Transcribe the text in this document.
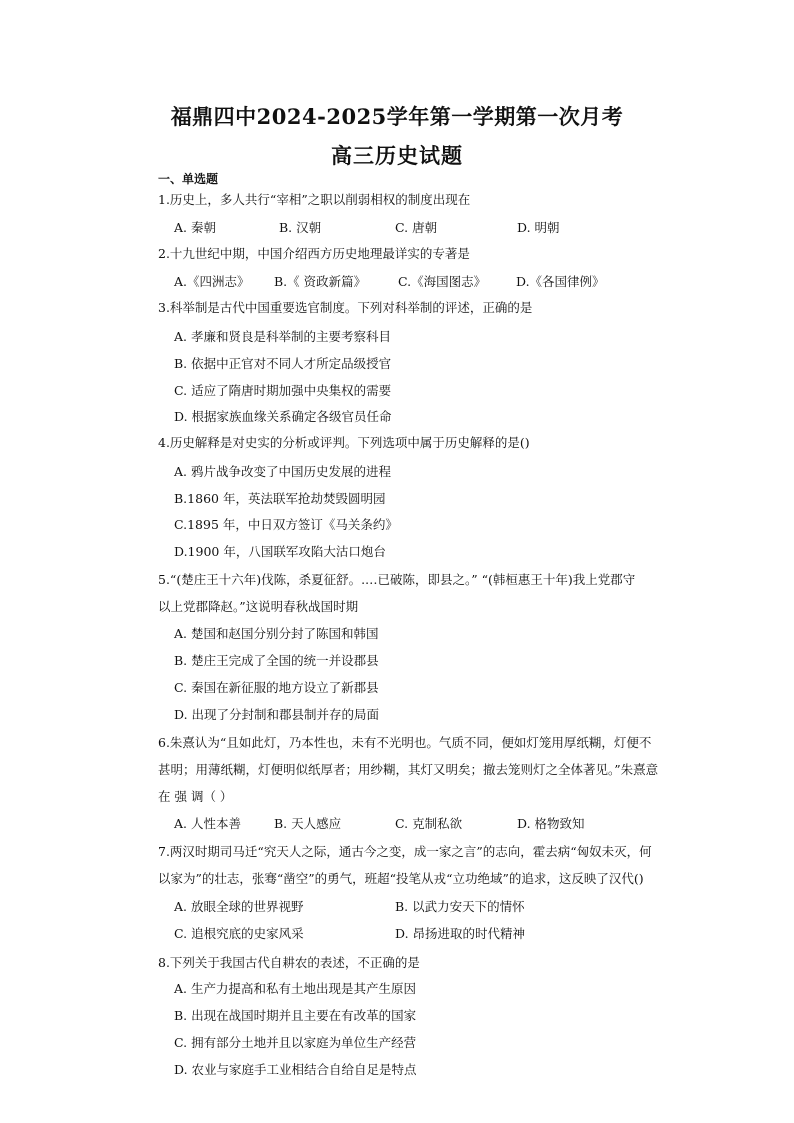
福鼎四中2024-2025学年第一学期第一次月考
高三历史试题
一、单选题
1.历史上，多人共行“宰相”之职以削弱相权的制度出现在
A. 秦朝	B. 汉朝	C. 唐朝	D. 明朝
2.十九世纪中期，中国介绍西方历史地理最详实的专著是
A.《四洲志》 B.《 资政新篇》	C.《海国图志》 D.《各国律例》
3.科举制是古代中国重要选官制度。下列对科举制的评述，正确的是
A. 孝廉和贤良是科举制的主要考察科目
B. 依据中正官对不同人才所定品级授官
C. 适应了隋唐时期加强中央集权的需要
D. 根据家族血缘关系确定各级官员任命
4.历史解释是对史实的分析或评判。下列选项中属于历史解释的是()
A. 鸦片战争改变了中国历史发展的进程
B.1860 年，英法联军抢劫焚毁圆明园
C.1895 年，中日双方签订《马关条约》
D.1900 年，八国联军攻陷大沽口炮台
5.“(楚庄王十六年)伐陈，杀夏征舒。.…已破陈，即县之。” “(韩桓惠王十年)我上党郡守
以上党郡降赵。”这说明春秋战国时期
A. 楚国和赵国分别分封了陈国和韩国
B. 楚庄王完成了全国的统一并设郡县
C. 秦国在新征服的地方设立了新郡县
D. 出现了分封制和郡县制并存的局面
6.朱熹认为“且如此灯，乃本性也，未有不光明也。气质不同，便如灯笼用厚纸糊，灯便不
甚明；用薄纸糊，灯便明似纸厚者；用纱糊，其灯又明矣；撤去笼则灯之全体著见。”朱熹意
在 强 调（ ）
A. 人性本善	B. 天人感应	C. 克制私欲	D. 格物致知
7.两汉时期司马迁“究天人之际，通古今之变，成一家之言”的志向，霍去病“匈奴未灭，何
以家为”的壮志，张骞“凿空”的勇气，班超“投笔从戎“立功绝域”的追求，这反映了汉代()
A. 放眼全球的世界视野	B. 以武力安天下的情怀
C. 追根究底的史家风采	D. 昂扬进取的时代精神
8.下列关于我国古代自耕农的表述，不正确的是
A. 生产力提高和私有土地出现是其产生原因
B. 出现在战国时期并且主要在有改革的国家
C. 拥有部分土地并且以家庭为单位生产经营
D. 农业与家庭手工业相结合自给自足是特点
